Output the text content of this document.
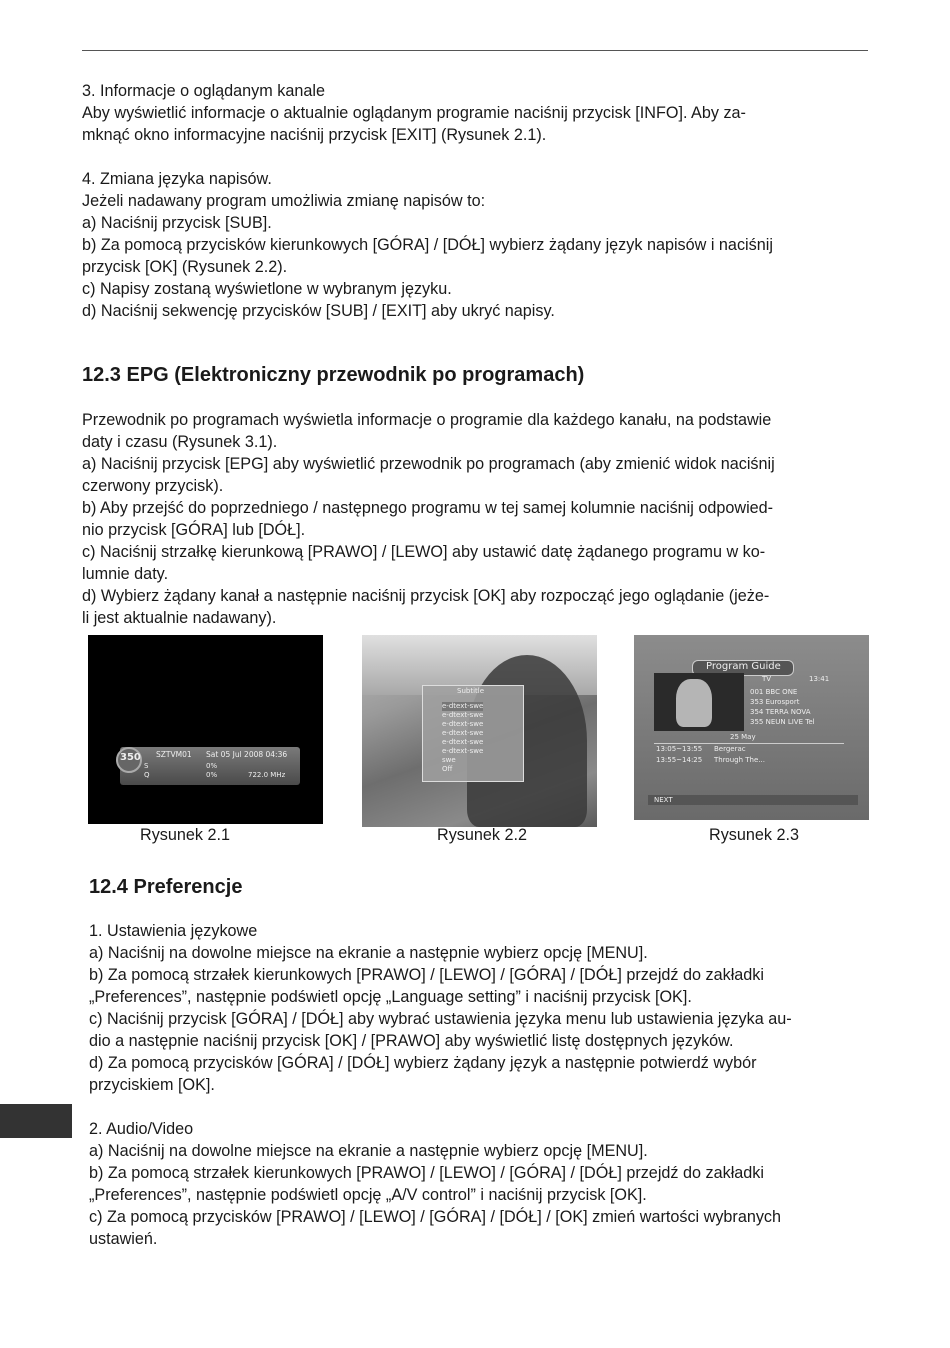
3. Informacje o oglądanym kanale

Aby wyświetlić informacje o aktualnie oglądanym programie naciśnij przycisk [INFO]. Aby za-

mknąć okno informacyjne naciśnij przycisk [EXIT] (Rysunek 2.1).

4. Zmiana języka napisów.

Jeżeli nadawany program umożliwia zmianę napisów to:

a) Naciśnij przycisk [SUB].

b) Za pomocą przycisków kierunkowych [GÓRA] / [DÓŁ] wybierz żądany język napisów i naciśnij

przycisk [OK] (Rysunek 2.2).

c) Napisy zostaną wyświetlone w wybranym języku.

d) Naciśnij sekwencję przycisków [SUB] / [EXIT] aby ukryć napisy.

12.3 EPG (Elektroniczny przewodnik po programach)

Przewodnik po programach wyświetla informacje o programie dla każdego kanału, na podstawie

daty i czasu (Rysunek 3.1).

a) Naciśnij przycisk [EPG] aby wyświetlić przewodnik po programach (aby zmienić widok naciśnij

czerwony przycisk).

b) Aby przejść do poprzedniego / następnego programu w tej samej kolumnie naciśnij odpowied-

nio przycisk [GÓRA] lub [DÓŁ].

c) Naciśnij strzałkę kierunkową [PRAWO] / [LEWO] aby ustawić datę żądanego programu w ko-

lumnie daty.

d) Wybierz żądany kanał a następnie naciśnij przycisk [OK] aby rozpocząć jego oglądanie (jeże-

li jest aktualnie nadawany).

350 SZTVM01 Sat 05 Jul 2008 04:36
S	0%
Q	0%	722.0 MHz
Rysunek 2.1
Subtitle
e-dtext-swe
e-dtext-swe
e-dtext-swe
e-dtext-swe
e-dtext-swe
e-dtext-swe
swe
Off
Rysunek 2.2
Program Guide
TV	13:41
001 BBC ONE
353 Eurosport
354 TERRA NOVA
355 NEUN LIVE Tel
25 May
13:05~13:55 Bergerac
13:55~14:25 Through The...
NEXT
Rysunek 2.3
12.4 Preferencje

1. Ustawienia językowe

a) Naciśnij na dowolne miejsce na ekranie a następnie wybierz opcję [MENU].

b) Za pomocą strzałek kierunkowych [PRAWO] / [LEWO] / [GÓRA] / [DÓŁ] przejdź do zakładki

„Preferences”, następnie podświetl opcję „Language setting” i naciśnij przycisk [OK].

c) Naciśnij przycisk [GÓRA] / [DÓŁ] aby wybrać ustawienia języka menu lub ustawienia języka au-

dio a następnie naciśnij przycisk [OK] / [PRAWO] aby wyświetlić listę dostępnych języków.

d) Za pomocą przycisków [GÓRA] / [DÓŁ] wybierz żądany język a następnie potwierdź wybór

przyciskiem [OK].

2. Audio/Video

a) Naciśnij na dowolne miejsce na ekranie a następnie wybierz opcję [MENU].

b) Za pomocą strzałek kierunkowych [PRAWO] / [LEWO] / [GÓRA] / [DÓŁ] przejdź do zakładki

„Preferences”, następnie podświetl opcję „A/V control” i naciśnij przycisk [OK].

c) Za pomocą przycisków [PRAWO] / [LEWO] / [GÓRA] / [DÓŁ] / [OK] zmień wartości wybranych

ustawień.
